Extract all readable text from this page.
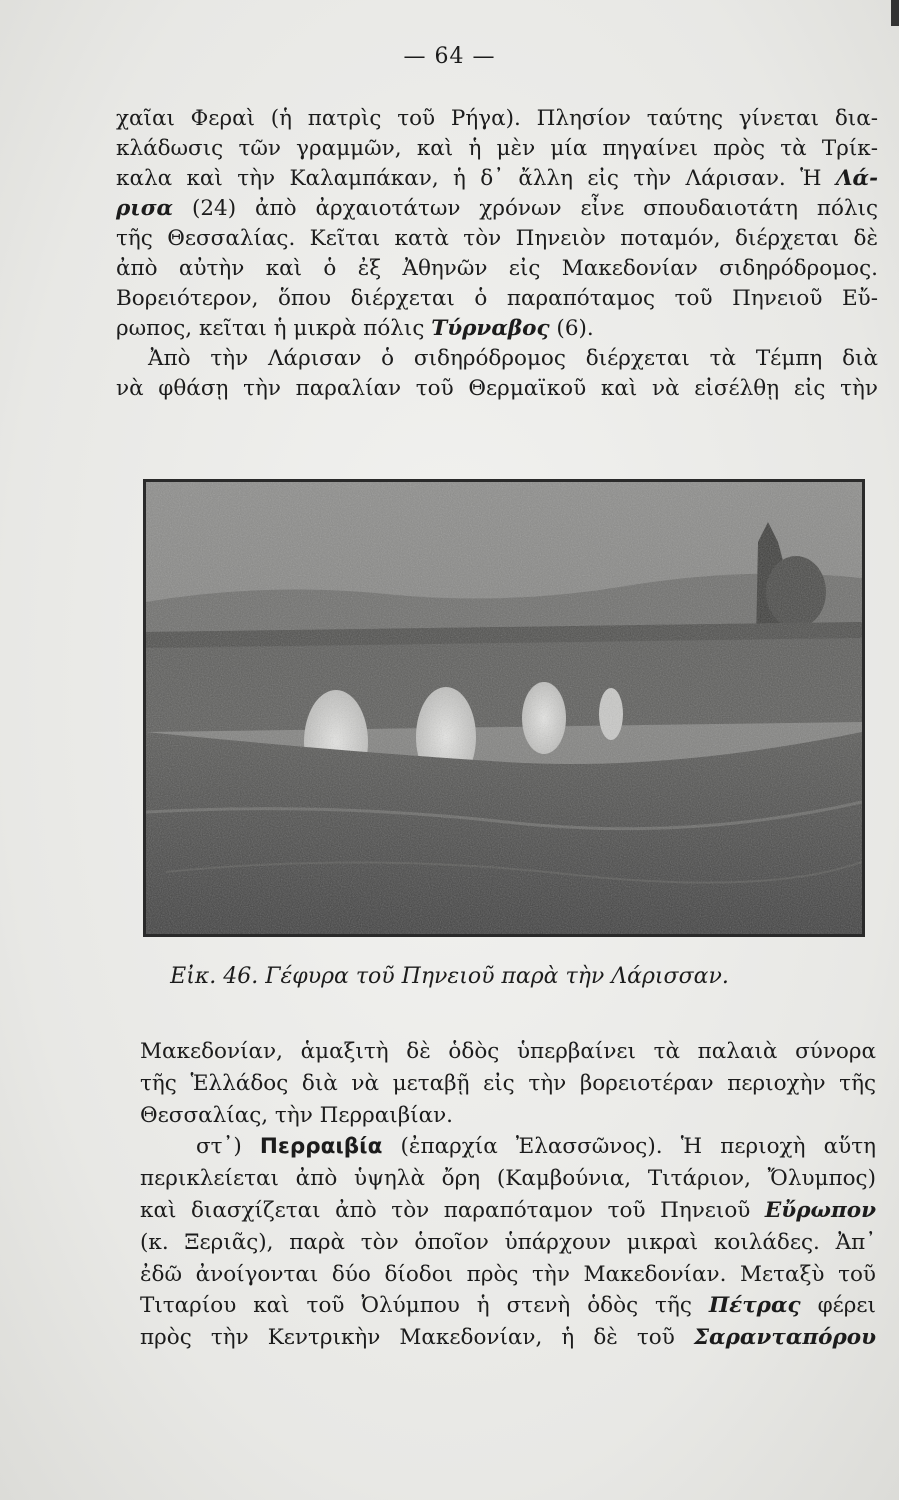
— 64 —
χαῖαι Φεραὶ (ἡ πατρὶς τοῦ Ρήγα). Πλησίον ταύτης γίνεται δια-
κλάδωσις τῶν γραμμῶν, καὶ ἡ μὲν μία πηγαίνει πρὸς τὰ Τρίκ-
καλα καὶ τὴν Καλαμπάκαν, ἡ δ᾽ ἄλλη εἰς τὴν Λάρισαν. Ἡ Λά-
ρισα (24) ἀπὸ ἀρχαιοτάτων χρόνων εἶνε σπουδαιοτάτη πόλις
τῆς Θεσσαλίας. Κεῖται κατὰ τὸν Πηνειὸν ποταμόν, διέρχεται δὲ
ἀπὸ αὐτὴν καὶ ὁ ἐξ Ἀθηνῶν εἰς Μακεδονίαν σιδηρόδρομος.
Βορειότερον, ὅπου διέρχεται ὁ παραπόταμος τοῦ Πηνειοῦ Εὔ-
ρωπος, κεῖται ἡ μικρὰ πόλις Τύρναβος (6).
Ἀπὸ τὴν Λάρισαν ὁ σιδηρόδρομος διέρχεται τὰ Τέμπη διὰ
νὰ φθάσῃ τὴν παραλίαν τοῦ Θερμαϊκοῦ καὶ νὰ εἰσέλθῃ εἰς τὴν
Εἰκ. 46. Γέφυρα τοῦ Πηνειοῦ παρὰ τὴν Λάρισσαν.
Μακεδονίαν, ἁμαξιτὴ δὲ ὁδὸς ὑπερβαίνει τὰ παλαιὰ σύνορα
τῆς Ἑλλάδος διὰ νὰ μεταβῇ εἰς τὴν βορειοτέραν περιοχὴν τῆς
Θεσσαλίας, τὴν Περραιβίαν.
στ᾽) Περραιβία (ἐπαρχία Ἐλασσῶνος). Ἡ περιοχὴ αὕτη
περικλείεται ἀπὸ ὑψηλὰ ὄρη (Καμβούνια, Τιτάριον, Ὄλυμπος)
καὶ διασχίζεται ἀπὸ τὸν παραπόταμον τοῦ Πηνειοῦ Εὔρωπον
(κ. Ξεριᾶς), παρὰ τὸν ὁποῖον ὑπάρχουν μικραὶ κοιλάδες. Ἀπ᾽
ἐδῶ ἀνοίγονται δύο δίοδοι πρὸς τὴν Μακεδονίαν. Μεταξὺ τοῦ
Τιταρίου καὶ τοῦ Ὀλύμπου ἡ στενὴ ὁδὸς τῆς Πέτρας φέρει
πρὸς τὴν Κεντρικὴν Μακεδονίαν, ἡ δὲ τοῦ Σαρανταπόρου
